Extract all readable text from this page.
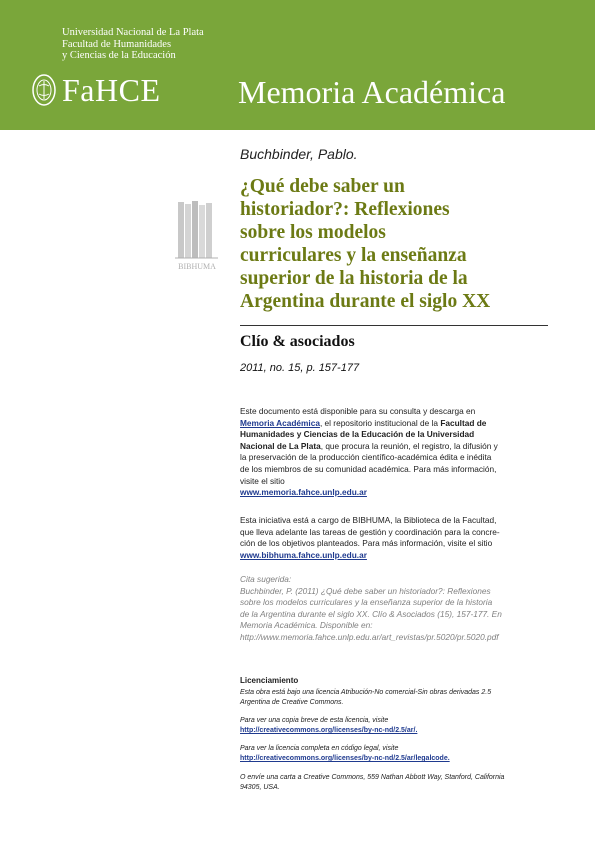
Universidad Nacional de La Plata
Facultad de Humanidades
y Ciencias de la Educación
FaHCE Memoria Académica
BIBHUMA
Buchbinder, Pablo.
¿Qué debe saber un
historiador?: Reflexiones
sobre los modelos
curriculares y la enseñanza
superior de la historia de la
Argentina durante el siglo XX
Clío & asociados
2011, no. 15, p. 157-177
Este documento está disponible para su consulta y descarga en
Memoria Académica, el repositorio institucional de la Facultad de
Humanidades y Ciencias de la Educación de la Universidad
Nacional de La Plata, que procura la reunión, el registro, la difusión y
la preservación de la producción científico-académica édita e inédita
de los miembros de su comunidad académica. Para más información,
visite el sitio
www.memoria.fahce.unlp.edu.ar
Esta iniciativa está a cargo de BIBHUMA, la Biblioteca de la Facultad,
que lleva adelante las tareas de gestión y coordinación para la concre-
ción de los objetivos planteados. Para más información, visite el sitio
www.bibhuma.fahce.unlp.edu.ar
Cita sugerida:
Buchbinder, P. (2011) ¿Qué debe saber un historiador?: Reflexiones
sobre los modelos curriculares y la enseñanza superior de la historia
de la Argentina durante el siglo XX. Clío & Asociados (15), 157-177. En
Memoria Académica. Disponible en:
http://www.memoria.fahce.unlp.edu.ar/art_revistas/pr.5020/pr.5020.pdf
Licenciamiento
Esta obra está bajo una licencia Atribución-No comercial-Sin obras derivadas 2.5
Argentina de Creative Commons.
Para ver una copia breve de esta licencia, visite
http://creativecommons.org/licenses/by-nc-nd/2.5/ar/.
Para ver la licencia completa en código legal, visite
http://creativecommons.org/licenses/by-nc-nd/2.5/ar/legalcode.
O envíe una carta a Creative Commons, 559 Nathan Abbott Way, Stanford, California
94305, USA.
